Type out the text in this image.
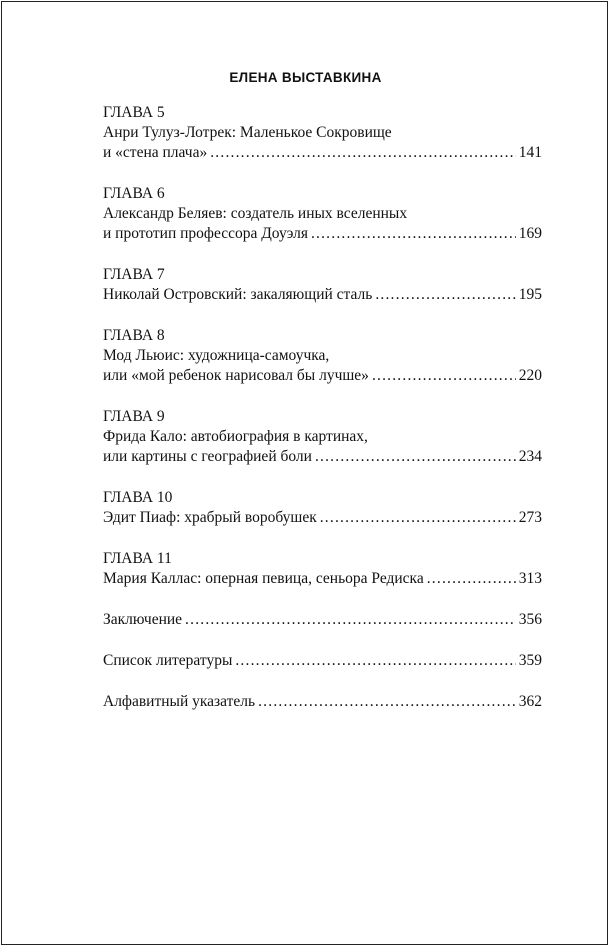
ЕЛЕНА ВЫСТАВКИНА
ГЛАВА 5
Анри Тулуз-Лотрек: Маленькое Сокровище
и «стена плача» .....	141
ГЛАВА 6
Александр Беляев: создатель иных вселенных
и прототип профессора Доуэля .....	169
ГЛАВА 7
Николай Островский: закаляющий сталь .....	195
ГЛАВА 8
Мод Льюис: художница-самоучка,
или «мой ребенок нарисовал бы лучше» .....	220
ГЛАВА 9
Фрида Кало: автобиография в картинах,
или картины с географией боли .....	234
ГЛАВА 10
Эдит Пиаф: храбрый воробушек .....	273
ГЛАВА 11
Мария Каллас: оперная певица, сеньора Редиска .....	313
Заключение .....	356
Список литературы .....	359
Алфавитный указатель .....	362
